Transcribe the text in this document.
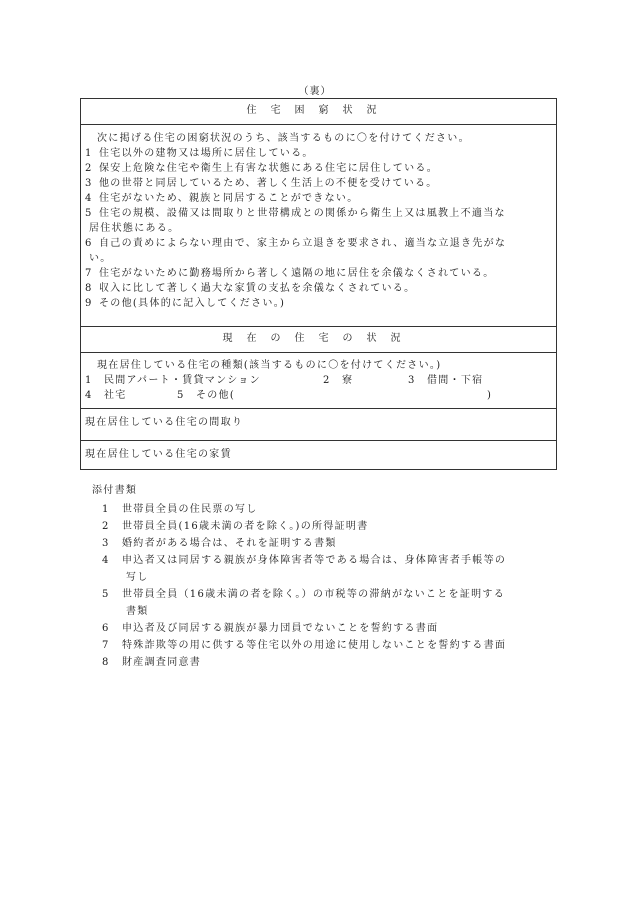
（裏）
住宅困窮状況
次に掲げる住宅の困窮状況のうち、該当するものに〇を付けてください。
1 住宅以外の建物又は場所に居住している。
2 保安上危険な住宅や衛生上有害な状態にある住宅に居住している。
3 他の世帯と同居しているため、著しく生活上の不便を受けている。
4 住宅がないため、親族と同居することができない。
5 住宅の規模、設備又は間取りと世帯構成との関係から衛生上又は風教上不適当な
居住状態にある。
6 自己の責めによらない理由で、家主から立退きを要求され、適当な立退き先がな
い。
7 住宅がないために勤務場所から著しく遠隔の地に居住を余儀なくされている。
8 収入に比して著しく過大な家賃の支払を余儀なくされている。
9 その他(具体的に記入してください。)
現在の住宅の状況
現在居住している住宅の種類(該当するものに〇を付けてください。)
1　民間アパート・賃貸マンション	2　寮	3　借間・下宿
4　社宅	5　その他(	)
現在居住している住宅の間取り
現在居住している住宅の家賃
添付書類
1 世帯員全員の住民票の写し
2 世帯員全員(16歳未満の者を除く。)の所得証明書
3 婚約者がある場合は、それを証明する書類
4 申込者又は同居する親族が身体障害者等である場合は、身体障害者手帳等の
写し
5 世帯員全員（16歳未満の者を除く。）の市税等の滞納がないことを証明する
書類
6 申込者及び同居する親族が暴力団員でないことを誓約する書面
7 特殊詐欺等の用に供する等住宅以外の用途に使用しないことを誓約する書面
8 財産調査同意書
